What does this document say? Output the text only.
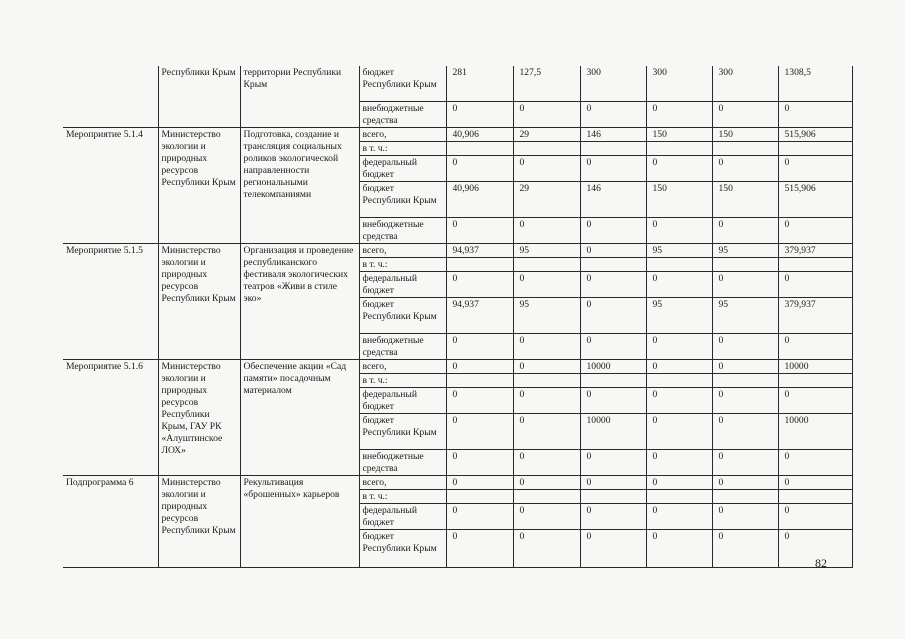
	Республики Крым	территории Республики Крым	бюджет Республики Крым	281	127,5	300	300	300	1308,5
			внебюджетные средства	0	0	0	0	0	0
Мероприятие 5.1.4	Министерство экологии и природных ресурсов Республики Крым	Подготовка, создание и трансляция социальных роликов экологической направленности региональными телекомпаниями	всего,	40,906	29	146	150	150	515,906
			в т. ч.:						
			федеральный бюджет	0	0	0	0	0	0
			бюджет Республики Крым	40,906	29	146	150	150	515,906
			внебюджетные средства	0	0	0	0	0	0
Мероприятие 5.1.5	Министерство экологии и природных ресурсов Республики Крым	Организация и проведение республиканского фестиваля экологических театров «Живи в стиле эко»	всего,	94,937	95	0	95	95	379,937
			в т. ч.:						
			федеральный бюджет	0	0	0	0	0	0
			бюджет Республики Крым	94,937	95	0	95	95	379,937
			внебюджетные средства	0	0	0	0	0	0
Мероприятие 5.1.6	Министерство экологии и природных ресурсов Республики Крым, ГАУ РК «Алуштинское ЛОХ»	Обеспечение акции «Сад памяти» посадочным материалом	всего,	0	0	10000	0	0	10000
			в т. ч.:						
			федеральный бюджет	0	0	0	0	0	0
			бюджет Республики Крым	0	0	10000	0	0	10000
			внебюджетные средства	0	0	0	0	0	0
Подпрограмма 6	Министерство экологии и природных ресурсов Республики Крым	Рекультивация «брошенных» карьеров	всего,	0	0	0	0	0	0
			в т. ч.:						
			федеральный бюджет	0	0	0	0	0	0
			бюджет Республики Крым	0	0	0	0	0	0
82
